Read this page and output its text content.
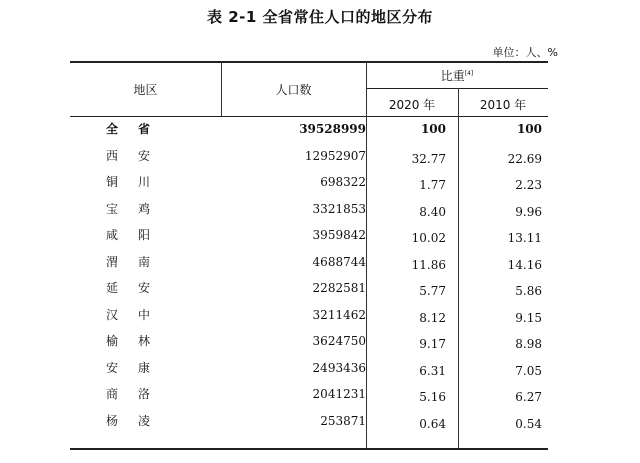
表 2-1 全省常住人口的地区分布
单位：人、%
地区	人口数
比重[4]
2020 年	2010 年
全省	39528999	100	100
西安	12952907	32.77	22.69
铜川	698322	1.77	2.23
宝鸡	3321853	8.40	9.96
咸阳	3959842	10.02	13.11
渭南	4688744	11.86	14.16
延安	2282581	5.77	5.86
汉中	3211462	8.12	9.15
榆林	3624750	9.17	8.98
安康	2493436	6.31	7.05
商洛	2041231	5.16	6.27
杨凌	253871	0.64	0.54
